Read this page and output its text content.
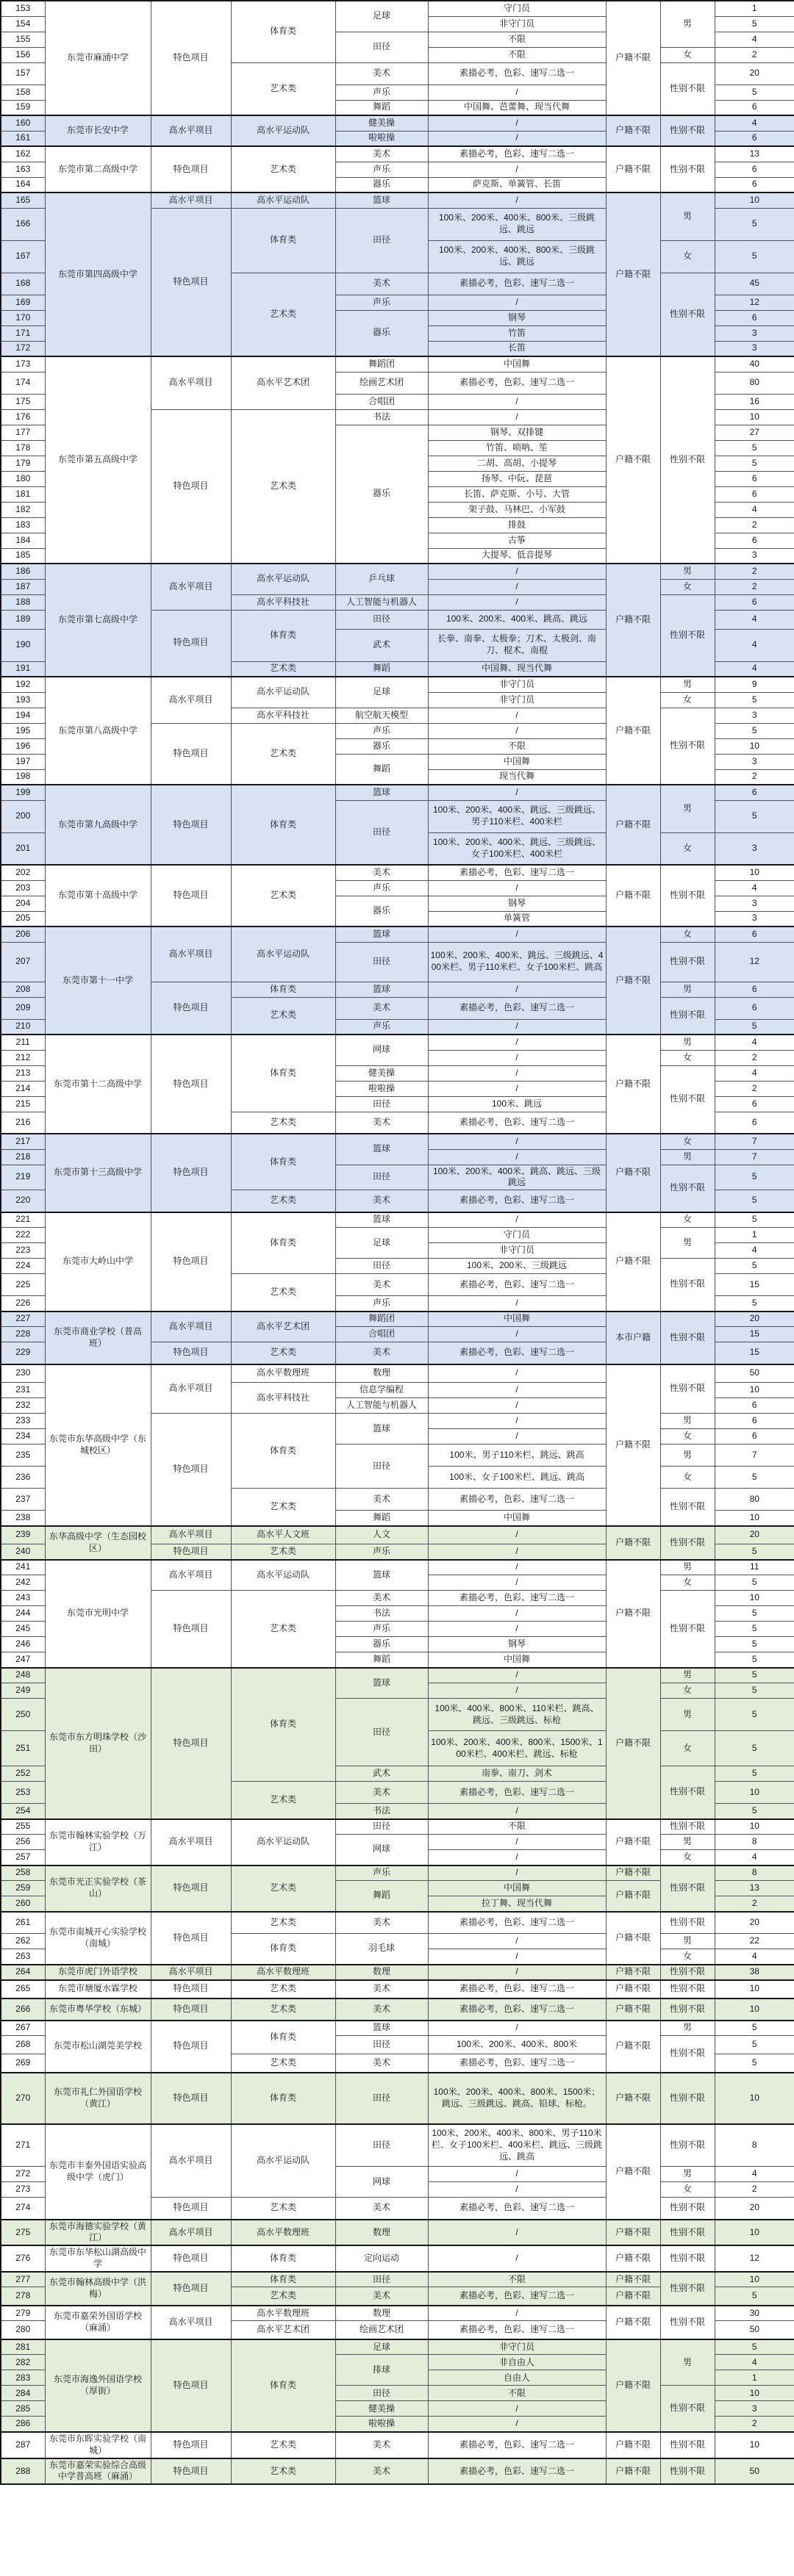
153	东莞市麻涌中学	特色项目	体育类	足球	守门员	户籍不限	男	1
154					非守门员			5
155				田径	不限			4
156					不限		女	2
157			艺术类	美术	素描必考，色彩、速写二选一		性别不限	20
158				声乐	/			5
159				舞蹈	中国舞、芭蕾舞、现当代舞			6
160	东莞市长安中学	高水平项目	高水平运动队	健美操	/	户籍不限	性别不限	4
161				啦啦操	/			6
162	东莞市第二高级中学	特色项目	艺术类	美术	素描必考，色彩、速写二选一	户籍不限	性别不限	13
163				声乐	/			6
164				器乐	萨克斯、单簧管、长笛			6
165	东莞市第四高级中学	高水平项目	高水平运动队	篮球	/	户籍不限	男	10
166		特色项目	体育类	田径	100米、200米、400米、800米、三级跳远、跳远			5
167					100米、200米、400米、800米、三级跳远、跳远		女	5
168			艺术类	美术	素描必考，色彩、速写二选一		性别不限	45
169				声乐	/			12
170				器乐	钢琴			6
171					竹笛			3
172					长笛			3
173	东莞市第五高级中学	高水平项目	高水平艺术团	舞蹈团	中国舞	户籍不限	性别不限	40
174				绘画艺术团	素描必考，色彩、速写二选一			80
175				合唱团	/			16
176		特色项目	艺术类	书法	/			10
177				器乐	钢琴、双排键			27
178					竹笛、唢呐、笙			5
179					二胡、高胡、小提琴			5
180					扬琴、中阮、琵琶			6
181					长笛、萨克斯、小号、大管			6
182					架子鼓、马林巴、小军鼓			4
183					排鼓			2
184					古筝			6
185					大提琴、低音提琴			3
186	东莞市第七高级中学	高水平项目	高水平运动队	乒乓球	/	户籍不限	男	2
187					/		女	2
188			高水平科技社	人工智能与机器人	/		性别不限	6
189		特色项目	体育类	田径	100米、200米、400米、跳高、跳远			4
190				武术	长拳、南拳、太极拳；刀术、太极剑、南刀、棍术、南棍			4
191			艺术类	舞蹈	中国舞、现当代舞			4
192	东莞市第八高级中学	高水平项目	高水平运动队	足球	非守门员	户籍不限	男	9
193					非守门员		女	5
194			高水平科技社	航空航天模型	/		性别不限	3
195		特色项目	艺术类	声乐	/			5
196				器乐	不限			10
197				舞蹈	中国舞			3
198					现当代舞			2
199	东莞市第九高级中学	特色项目	体育类	篮球	/	户籍不限	男	6
200				田径	100米、200米、400米、跳远、三级跳远、男子110米栏、400米栏			5
201					100米、200米、400米、跳远、三级跳远、女子100米栏、400米栏		女	3
202	东莞市第十高级中学	特色项目	艺术类	美术	素描必考，色彩、速写二选一	户籍不限	性别不限	10
203				声乐	/			4
204				器乐	钢琴			3
205					单簧管			3
206	东莞市第十一中学	高水平项目	高水平运动队	篮球	/	户籍不限	女	6
207				田径	100米、200米、400米、跳远、三级跳远、400米栏、男子110米栏、女子100米栏、跳高		性别不限	12
208		特色项目	体育类	篮球	/		男	6
209			艺术类	美术	素描必考，色彩、速写二选一		性别不限	6
210				声乐	/			5
211	东莞市第十二高级中学	特色项目	体育类	网球	/	户籍不限	男	4
212					/		女	2
213				健美操	/		性别不限	4
214				啦啦操	/			2
215				田径	100米、跳远			6
216			艺术类	美术	素描必考，色彩、速写二选一			6
217	东莞市第十三高级中学	特色项目	体育类	篮球	/	户籍不限	女	7
218					/		男	7
219				田径	100米、200米、400米、跳高、跳远、三级跳远		性别不限	5
220			艺术类	美术	素描必考，色彩、速写二选一			5
221	东莞市大岭山中学	特色项目	体育类	篮球	/	户籍不限	女	5
222				足球	守门员		男	1
223					非守门员			4
224				田径	100米、200米、三级跳远		性别不限	5
225			艺术类	美术	素描必考，色彩、速写二选一			15
226				声乐	/			5
227	东莞市商业学校（普高班）	高水平项目	高水平艺术团	舞蹈团	中国舞	本市户籍	性别不限	20
228				合唱团	/			15
229		特色项目	艺术类	美术	素描必考，色彩、速写二选一			15
230	东莞市东华高级中学（东城校区）	高水平项目	高水平数理班	数理	/	户籍不限	性别不限	50
231			高水平科技社	信息学编程	/			10
232				人工智能与机器人	/			6
233		特色项目	体育类	篮球	/		男	6
234					/		女	6
235				田径	100米、男子110米栏、跳远、跳高		男	7
236					100米、女子100米栏、跳远、跳高		女	5
237			艺术类	美术	素描必考，色彩、速写二选一		性别不限	80
238				舞蹈	中国舞			10
239	东华高级中学（生态园校区）	高水平项目	高水平人文班	人文	/	户籍不限	性别不限	20
240		特色项目	艺术类	声乐	/			5
241	东莞市光明中学	高水平项目	高水平运动队	篮球	/	户籍不限	男	11
242					/		女	5
243		特色项目	艺术类	美术	素描必考，色彩、速写二选一		性别不限	10
244				书法	/			5
245				声乐	/			5
246				器乐	钢琴			5
247				舞蹈	中国舞			5
248	东莞市东方明珠学校（沙田）	特色项目	体育类	篮球	/	户籍不限	男	5
249					/		女	5
250				田径	100米、400米、800米、110米栏、跳高、跳远、三级跳远、标枪		男	5
251					100米、200米、400米、800米、1500米、100米栏、400米栏、跳远、标枪		女	5
252				武术	南拳、南刀、剑术		性别不限	5
253			艺术类	美术	素描必考，色彩、速写二选一			10
254				书法	/			5
255	东莞市翰林实验学校（万江）	高水平项目	高水平运动队	田径	不限	户籍不限	性别不限	10
256				网球	/		男	8
257					/		女	4
258	东莞市光正实验学校（茶山）	特色项目	艺术类	声乐	/	户籍不限	性别不限	8
259				舞蹈	中国舞	户籍不限		13
260					拉丁舞、现当代舞			2
261	东莞市南城开心实验学校（南城）	特色项目	艺术类	美术	素描必考，色彩、速写二选一	户籍不限	性别不限	20
262			体育类	羽毛球	/		男	22
263					/		女	4
264	东莞市虎门外语学校	高水平项目	高水平数理班	数理	/	户籍不限	性别不限	38
265	东莞市塘厦水霖学校	特色项目	艺术类	美术	素描必考，色彩、速写二选一	户籍不限	性别不限	10
266	东莞市粤华学校（东城）	特色项目	艺术类	美术	素描必考，色彩、速写二选一	户籍不限	性别不限	10
267	东莞市松山湖莞美学校	特色项目	体育类	篮球	/	户籍不限	男	5
268				田径	100米、200米、400米、800米		性别不限	5
269			艺术类	美术	素描必考，色彩、速写二选一			5
270	东莞市礼仁外国语学校（黄江）	特色项目	体育类	田径	100米、200米、400米、800米、1500米；跳远、三级跳远、跳高、铅球、标枪。	户籍不限	性别不限	10
271	东莞市丰泰外国语实验高级中学（虎门）	高水平项目	高水平运动队	田径	100米、200米、400米、800米、男子110米栏、女子100米栏、400米栏、跳远、三级跳远、跳高	户籍不限	性别不限	8
272				网球	/		男	4
273					/		女	2
274		特色项目	艺术类	美术	素描必考，色彩、速写二选一		性别不限	20
275	东莞市海德实验学校（黄江）	高水平项目	高水平数理班	数理	/	户籍不限	性别不限	10
276	东莞市东华松山湖高级中学	特色项目	体育类	定向运动	/	户籍不限	性别不限	12
277	东莞市翰林高级中学（洪梅）	特色项目	体育类	田径	不限	户籍不限	性别不限	10
278			艺术类	美术	素描必考，色彩、速写二选一	户籍不限		5
279	东莞市嘉荣外国语学校（麻涌）	高水平项目	高水平数理班	数理	/	户籍不限	性别不限	30
280			高水平艺术团	绘画艺术团	素描必考，色彩、速写二选一			50
281	东莞市海逸外国语学校（厚街）	特色项目	体育类	足球	非守门员	户籍不限	男	5
282				排球	非自由人			4
283					自由人			1
284				田径	不限		性别不限	10
285				健美操	/			3
286				啦啦操	/			2
287	东莞市东晖实验学校（南城）	特色项目	艺术类	美术	素描必考，色彩、速写二选一	户籍不限	性别不限	10
288	东莞市嘉荣实验综合高级中学普高班（麻涌）	特色项目	艺术类	美术	素描必考，色彩、速写二选一	户籍不限	性别不限	50
